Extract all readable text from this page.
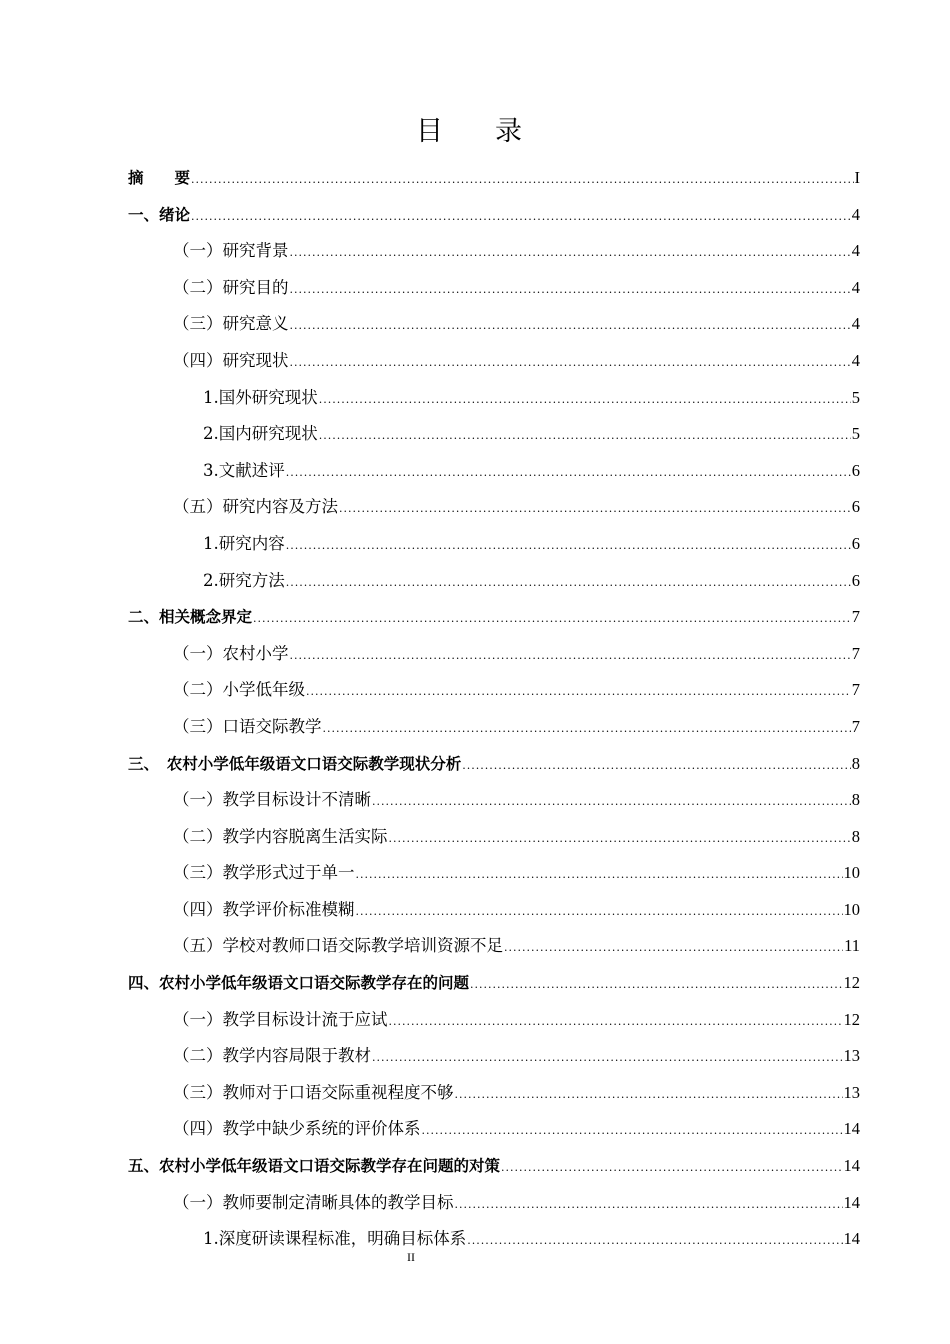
目录
摘　　要 .....	I
一、绪论 .....	4
（一）研究背景 .....	4
（二）研究目的 .....	4
（三）研究意义 .....	4
（四）研究现状 .....	4
1.国外研究现状 .....	5
2.国内研究现状 .....	5
3.文献述评 .....	6
（五）研究内容及方法 .....	6
1.研究内容 .....	6
2.研究方法 .....	6
二、相关概念界定 .....	7
（一）农村小学 .....	7
（二）小学低年级 .....	7
（三）口语交际教学 .....	7
三、　农村小学低年级语文口语交际教学现状分析 .....	8
（一）教学目标设计不清晰 .....	8
（二）教学内容脱离生活实际 .....	8
（三）教学形式过于单一 .....	10
（四）教学评价标准模糊 .....	10
（五）学校对教师口语交际教学培训资源不足 .....	11
四、农村小学低年级语文口语交际教学存在的问题 .....	12
（一）教学目标设计流于应试 .....	12
（二）教学内容局限于教材 .....	13
（三）教师对于口语交际重视程度不够 .....	13
（四）教学中缺少系统的评价体系 .....	14
五、农村小学低年级语文口语交际教学存在问题的对策 .....	14
（一）教师要制定清晰具体的教学目标 .....	14
1.深度研读课程标准，明确目标体系 .....	14
II
